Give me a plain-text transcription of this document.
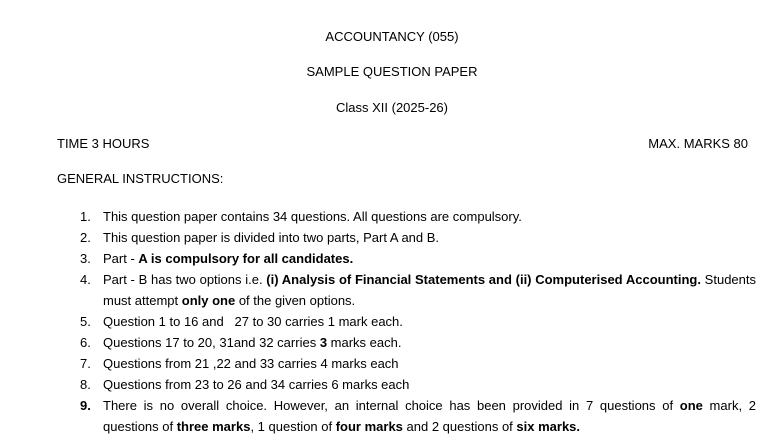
ACCOUNTANCY (055)
SAMPLE QUESTION PAPER
Class XII (2025-26)
TIME 3 HOURS	MAX. MARKS 80
GENERAL INSTRUCTIONS:
1. This question paper contains 34 questions. All questions are compulsory.
2. This question paper is divided into two parts, Part A and B.
3. Part - A is compulsory for all candidates.
4. Part - B has two options i.e. (i) Analysis of Financial Statements and (ii) Computerised Accounting. Students must attempt only one of the given options.
5. Question 1 to 16 and   27 to 30 carries 1 mark each.
6. Questions 17 to 20, 31and 32 carries 3 marks each.
7. Questions from 21 ,22 and 33 carries 4 marks each
8. Questions from 23 to 26 and 34 carries 6 marks each
9. There is no overall choice. However, an internal choice has been provided in 7 questions of one mark, 2 questions of three marks, 1 question of four marks and 2 questions of six marks.
